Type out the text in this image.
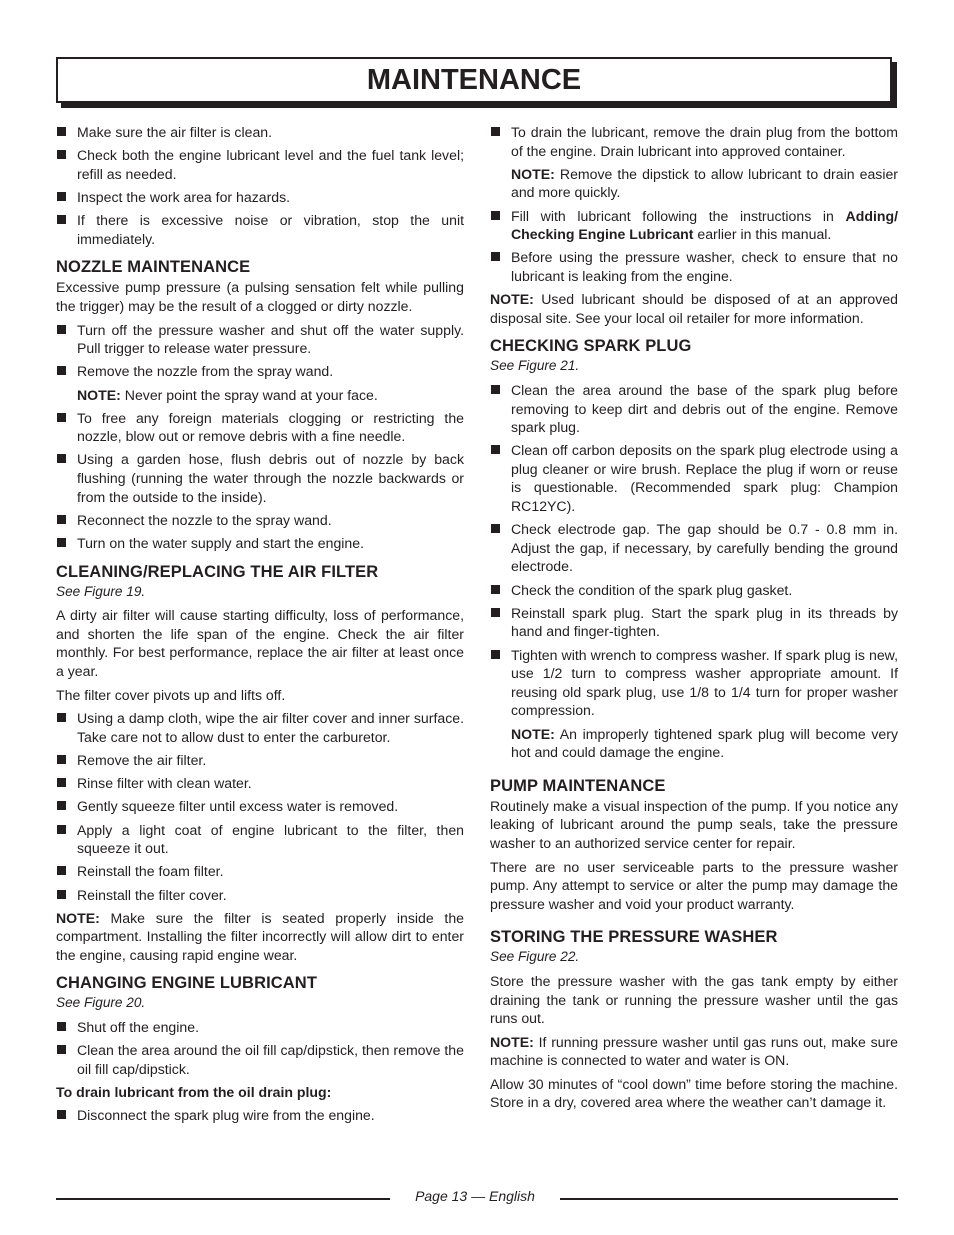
MAINTENANCE
Make sure the air filter is clean.
Check both the engine lubricant level and the fuel tank level; refill as needed.
Inspect the work area for hazards.
If there is excessive noise or vibration, stop the unit immediately.
NOZZLE MAINTENANCE

Excessive pump pressure (a pulsing sensation felt while pulling the trigger) may be the result of a clogged or dirty nozzle.

Turn off the pressure washer and shut off the water supply. Pull trigger to release water pressure.
Remove the nozzle from the spray wand.
NOTE: Never point the spray wand at your face.
To free any foreign materials clogging or restricting the nozzle, blow out or remove debris with a fine needle.
Using a garden hose, flush debris out of nozzle by back flushing (running the water through the nozzle backwards or from the outside to the inside).
Reconnect the nozzle to the spray wand.
Turn on the water supply and start the engine.
CLEANING/REPLACING THE AIR FILTER
See Figure 19.

A dirty air filter will cause starting difficulty, loss of performance, and shorten the life span of the engine. Check the air filter monthly. For best performance, replace the air filter at least once a year.

The filter cover pivots up and lifts off.

Using a damp cloth, wipe the air filter cover and inner surface. Take care not to allow dust to enter the carburetor.
Remove the air filter.
Rinse filter with clean water.
Gently squeeze filter until excess water is removed.
Apply a light coat of engine lubricant to the filter, then squeeze it out.
Reinstall the foam filter.
Reinstall the filter cover.

NOTE: Make sure the filter is seated properly inside the compartment. Installing the filter incorrectly will allow dirt to enter the engine, causing rapid engine wear.

CHANGING ENGINE LUBRICANT
See Figure 20.
Shut off the engine.
Clean the area around the oil fill cap/dipstick, then remove the oil fill cap/dipstick.
To drain lubricant from the oil drain plug:
Disconnect the spark plug wire from the engine.
To drain the lubricant, remove the drain plug from the bottom of the engine. Drain lubricant into approved container.
NOTE: Remove the dipstick to allow lubricant to drain easier and more quickly.
Fill with lubricant following the instructions in Adding/ Checking Engine Lubricant earlier in this manual.
Before using the pressure washer, check to ensure that no lubricant is leaking from the engine.

NOTE: Used lubricant should be disposed of at an approved disposal site. See your local oil retailer for more information.

CHECKING SPARK PLUG
See Figure 21.
Clean the area around the base of the spark plug before removing to keep dirt and debris out of the engine. Remove spark plug.
Clean off carbon deposits on the spark plug electrode using a plug cleaner or wire brush. Replace the plug if worn or reuse is questionable. (Recommended spark plug: Champion RC12YC).
Check electrode gap. The gap should be 0.7 - 0.8 mm in. Adjust the gap, if necessary, by carefully bending the ground electrode.
Check the condition of the spark plug gasket.
Reinstall spark plug. Start the spark plug in its threads by hand and finger-tighten.
Tighten with wrench to compress washer. If spark plug is new, use 1/2 turn to compress washer appropriate amount. If reusing old spark plug, use 1/8 to 1/4 turn for proper washer compression.
NOTE: An improperly tightened spark plug will become very hot and could damage the engine.
PUMP MAINTENANCE

Routinely make a visual inspection of the pump. If you notice any leaking of lubricant around the pump seals, take the pressure washer to an authorized service center for repair.

There are no user serviceable parts to the pressure washer pump. Any attempt to service or alter the pump may damage the pressure washer and void your product warranty.

STORING THE PRESSURE WASHER
See Figure 22.

Store the pressure washer with the gas tank empty by either draining the tank or running the pressure washer until the gas runs out.

NOTE: If running pressure washer until gas runs out, make sure machine is connected to water and water is ON.

Allow 30 minutes of “cool down” time before storing the machine. Store in a dry, covered area where the weather can’t damage it.

Page 13 — English
